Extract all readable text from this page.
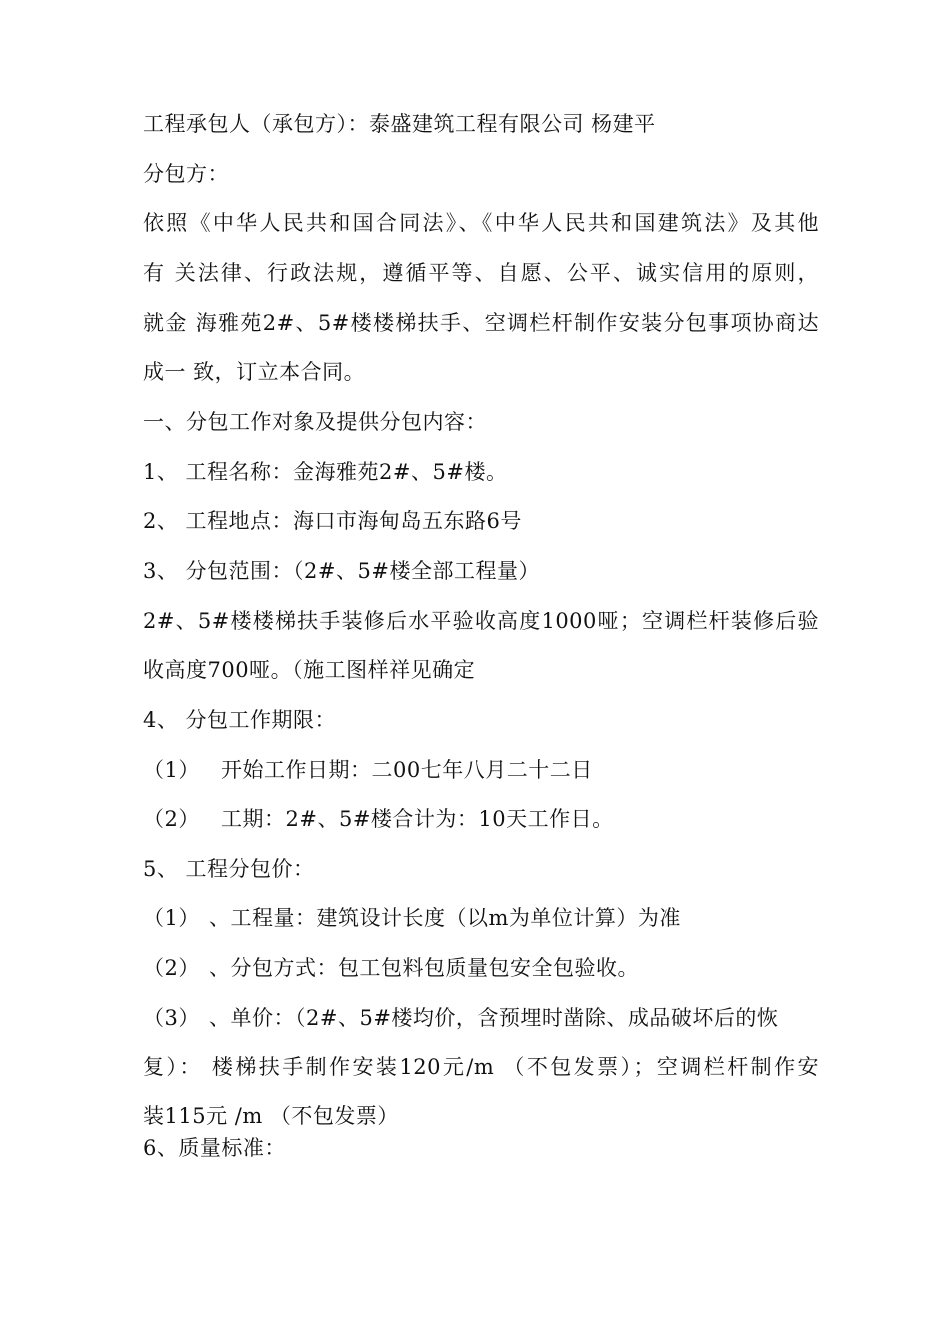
工程承包人（承包方）：泰盛建筑工程有限公司 杨建平
分包方：
依照《中华人民共和国合同法》、《中华人民共和国建筑法》及其他
有 关法律、行政法规，遵循平等、自愿、公平、诚实信用的原则，
就金 海雅苑2#、5#楼楼梯扶手、空调栏杆制作安装分包事项协商达
成一 致，订立本合同。
一、分包工作对象及提供分包内容：
1、 工程名称：金海雅苑2#、5#楼。
2、 工程地点：海口市海甸岛五东路6号
3、 分包范围：（2#、5#楼全部工程量）
2#、5#楼楼梯扶手装修后水平验收高度1000哑；空调栏杆装修后验
收高度700哑。（施工图样祥见确定
4、 分包工作期限：
（1） 开始工作日期：二00七年八月二十二日
（2） 工期：2#、5#楼合计为：10天工作日。
5、 工程分包价：
（1） 、工程量：建筑设计长度（以m为单位计算）为准
（2） 、分包方式：包工包料包质量包安全包验收。
（3） 、单价：（2#、5#楼均价，含预埋时凿除、成品破坏后的恢
复）： 楼梯扶手制作安装120元/m （不包发票）；空调栏杆制作安
装115元 /m （不包发票）
6、质量标准：
